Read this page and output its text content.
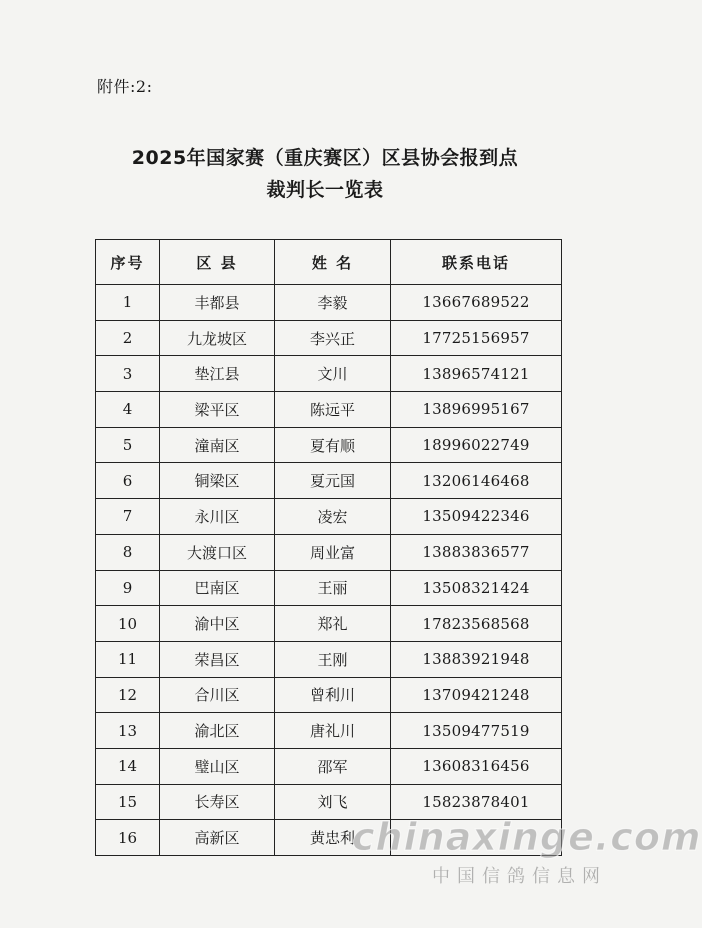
附件:2:
2025年国家赛（重庆赛区）区县协会报到点
裁判长一览表
序号	区 县	姓 名	联系电话
1	丰都县	李毅	13667689522
2	九龙坡区	李兴正	17725156957
3	垫江县	文川	13896574121
4	梁平区	陈远平	13896995167
5	潼南区	夏有顺	18996022749
6	铜梁区	夏元国	13206146468
7	永川区	凌宏	13509422346
8	大渡口区	周业富	13883836577
9	巴南区	王丽	13508321424
10	渝中区	郑礼	17823568568
11	荣昌区	王刚	13883921948
12	合川区	曾利川	13709421248
13	渝北区	唐礼川	13509477519
14	璧山区	邵军	13608316456
15	长寿区	刘飞	15823878401
16	高新区	黄忠利	
chinaxinge.com
中国信鸽信息网
